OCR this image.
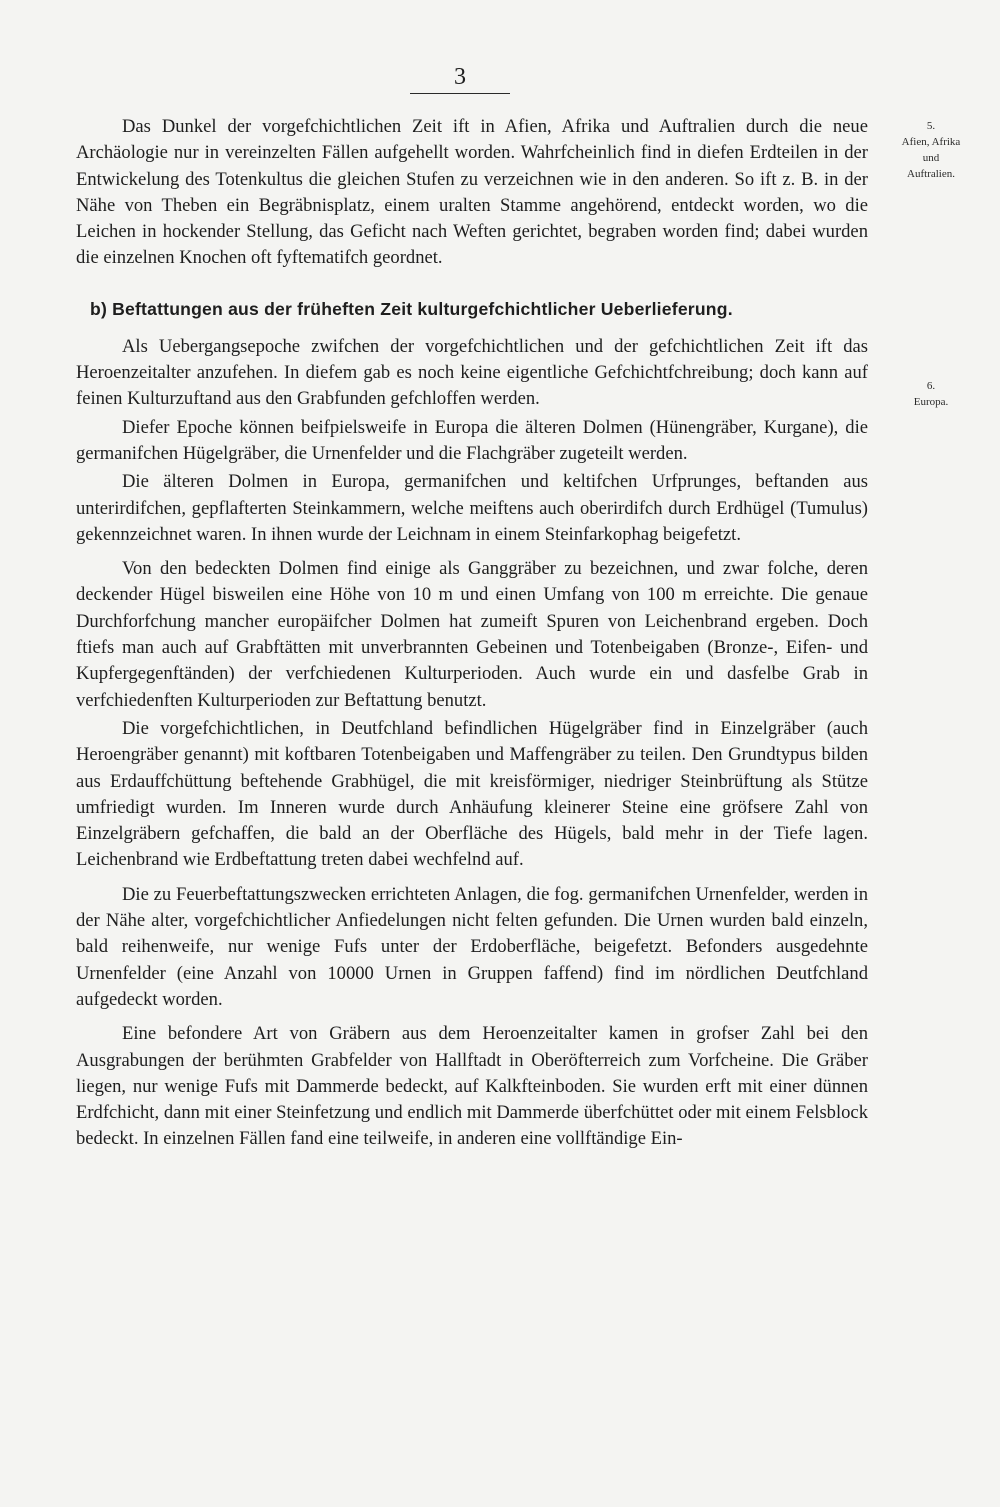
3
5.
Afien, Afrika
und
Auftralien.
6.
Europa.

Das Dunkel der vorgefchichtlichen Zeit ift in Afien, Afrika und Auftralien durch die neue Archäologie nur in vereinzelten Fällen aufgehellt worden. Wahrfcheinlich find in diefen Erdteilen in der Entwickelung des Totenkultus die gleichen Stufen zu verzeichnen wie in den anderen. So ift z. B. in der Nähe von Theben ein Begräbnisplatz, einem uralten Stamme angehörend, entdeckt worden, wo die Leichen in hockender Stellung, das Geficht nach Weften gerichtet, begraben worden find; dabei wurden die einzelnen Knochen oft fyftematifch geordnet.

b) Beftattungen aus der früheften Zeit kulturgefchichtlicher Ueberlieferung.

Als Uebergangsepoche zwifchen der vorgefchichtlichen und der gefchichtlichen Zeit ift das Heroenzeitalter anzufehen. In diefem gab es noch keine eigentliche Gefchichtfchreibung; doch kann auf feinen Kulturzuftand aus den Grabfunden gefchloffen werden.

Diefer Epoche können beifpielsweife in Europa die älteren Dolmen (Hünengräber, Kurgane), die germanifchen Hügelgräber, die Urnenfelder und die Flachgräber zugeteilt werden.

Die älteren Dolmen in Europa, germanifchen und keltifchen Urfprunges, beftanden aus unterirdifchen, gepflafterten Steinkammern, welche meiftens auch oberirdifch durch Erdhügel (Tumulus) gekennzeichnet waren. In ihnen wurde der Leichnam in einem Steinfarkophag beigefetzt.

Von den bedeckten Dolmen find einige als Ganggräber zu bezeichnen, und zwar folche, deren deckender Hügel bisweilen eine Höhe von 10 m und einen Umfang von 100 m erreichte. Die genaue Durchforfchung mancher europäifcher Dolmen hat zumeift Spuren von Leichenbrand ergeben. Doch ftiefs man auch auf Grabftätten mit unverbrannten Gebeinen und Totenbeigaben (Bronze-, Eifen- und Kupfergegenftänden) der verfchiedenen Kulturperioden. Auch wurde ein und dasfelbe Grab in verfchiedenften Kulturperioden zur Beftattung benutzt.

Die vorgefchichtlichen, in Deutfchland befindlichen Hügelgräber find in Einzelgräber (auch Heroengräber genannt) mit koftbaren Totenbeigaben und Maffengräber zu teilen. Den Grundtypus bilden aus Erdauffchüttung beftehende Grabhügel, die mit kreisförmiger, niedriger Steinbrüftung als Stütze umfriedigt wurden. Im Inneren wurde durch Anhäufung kleinerer Steine eine gröfsere Zahl von Einzelgräbern gefchaffen, die bald an der Oberfläche des Hügels, bald mehr in der Tiefe lagen. Leichenbrand wie Erdbeftattung treten dabei wechfelnd auf.

Die zu Feuerbeftattungszwecken errichteten Anlagen, die fog. germanifchen Urnenfelder, werden in der Nähe alter, vorgefchichtlicher Anfiedelungen nicht felten gefunden. Die Urnen wurden bald einzeln, bald reihenweife, nur wenige Fufs unter der Erdoberfläche, beigefetzt. Befonders ausgedehnte Urnenfelder (eine Anzahl von 10000 Urnen in Gruppen faffend) find im nördlichen Deutfchland aufgedeckt worden.

Eine befondere Art von Gräbern aus dem Heroenzeitalter kamen in grofser Zahl bei den Ausgrabungen der berühmten Grabfelder von Hallftadt in Oberöfterreich zum Vorfcheine. Die Gräber liegen, nur wenige Fufs mit Dammerde bedeckt, auf Kalkfteinboden. Sie wurden erft mit einer dünnen Erdfchicht, dann mit einer Steinfetzung und endlich mit Dammerde überfchüttet oder mit einem Felsblock bedeckt. In einzelnen Fällen fand eine teilweife, in anderen eine vollftändige Ein-
